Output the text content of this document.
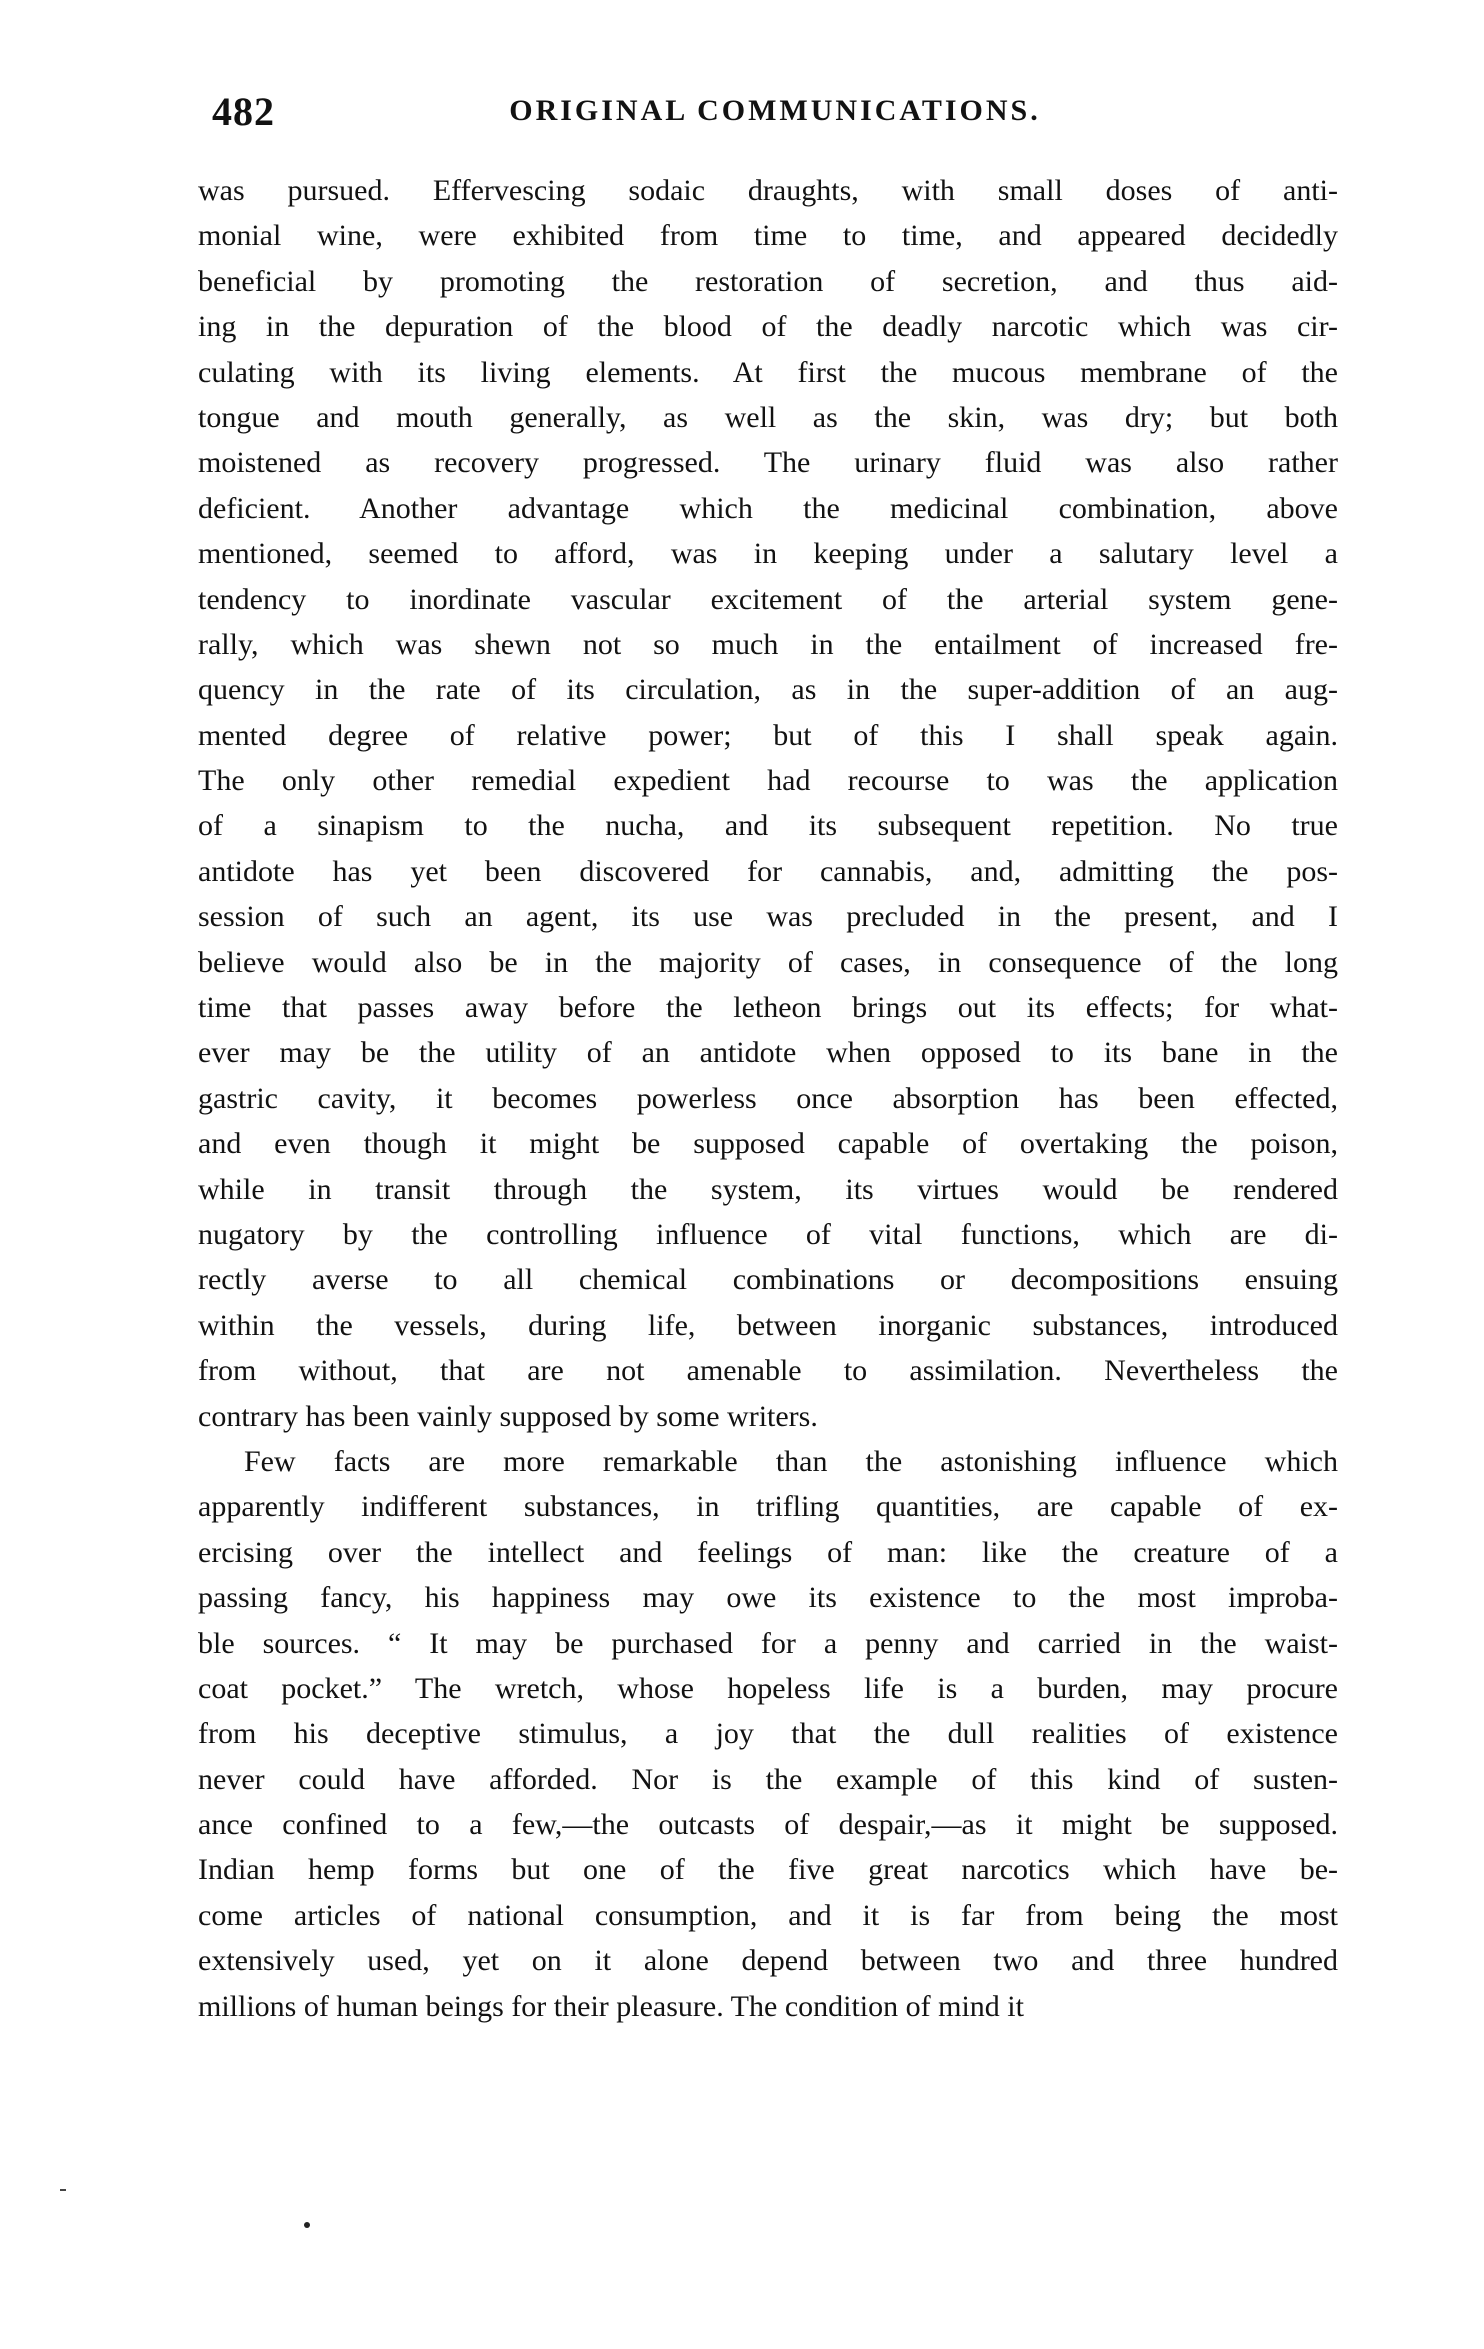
482	ORIGINAL COMMUNICATIONS.
was pursued. Effervescing sodaic draughts, with small doses of anti-
monial wine, were exhibited from time to time, and appeared decidedly
beneficial by promoting the restoration of secretion, and thus aid-
ing in the depuration of the blood of the deadly narcotic which was cir-
culating with its living elements. At first the mucous membrane of the
tongue and mouth generally, as well as the skin, was dry; but both
moistened as recovery progressed. The urinary fluid was also rather
deficient. Another advantage which the medicinal combination, above
mentioned, seemed to afford, was in keeping under a salutary level a
tendency to inordinate vascular excitement of the arterial system gene-
rally, which was shewn not so much in the entailment of increased fre-
quency in the rate of its circulation, as in the super-addition of an aug-
mented degree of relative power; but of this I shall speak again.
The only other remedial expedient had recourse to was the application
of a sinapism to the nucha, and its subsequent repetition. No true
antidote has yet been discovered for cannabis, and, admitting the pos-
session of such an agent, its use was precluded in the present, and I
believe would also be in the majority of cases, in consequence of the long
time that passes away before the letheon brings out its effects; for what-
ever may be the utility of an antidote when opposed to its bane in the
gastric cavity, it becomes powerless once absorption has been effected,
and even though it might be supposed capable of overtaking the poison,
while in transit through the system, its virtues would be rendered
nugatory by the controlling influence of vital functions, which are di-
rectly averse to all chemical combinations or decompositions ensuing
within the vessels, during life, between inorganic substances, introduced
from without, that are not amenable to assimilation. Nevertheless the
contrary has been vainly supposed by some writers.
Few facts are more remarkable than the astonishing influence which
apparently indifferent substances, in trifling quantities, are capable of ex-
ercising over the intellect and feelings of man: like the creature of a
passing fancy, his happiness may owe its existence to the most improba-
ble sources. “ It may be purchased for a penny and carried in the waist-
coat pocket.” The wretch, whose hopeless life is a burden, may procure
from his deceptive stimulus, a joy that the dull realities of existence
never could have afforded. Nor is the example of this kind of susten-
ance confined to a few,—the outcasts of despair,—as it might be supposed.
Indian hemp forms but one of the five great narcotics which have be-
come articles of national consumption, and it is far from being the most
extensively used, yet on it alone depend between two and three hundred
millions of human beings for their pleasure. The condition of mind it
